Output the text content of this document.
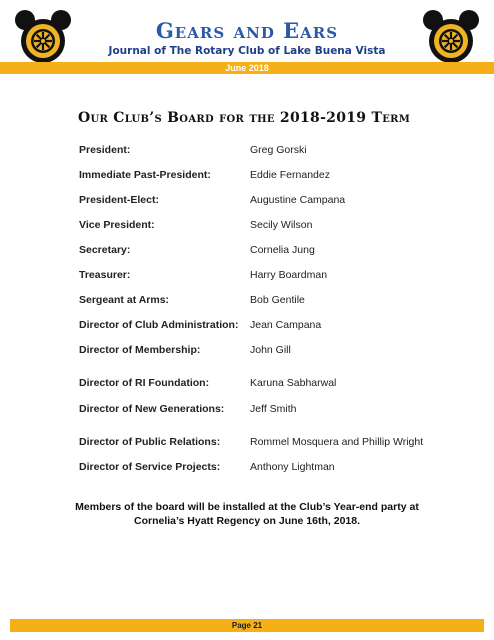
Gears and Ears
Journal of The Rotary Club of Lake Buena Vista
June 2018
Our Club’s Board for the 2018-2019 Term
President:	Greg Gorski
Immediate Past-President:	Eddie Fernandez
President-Elect:	Augustine Campana
Vice President:	Secily Wilson
Secretary:	Cornelia Jung
Treasurer:	Harry Boardman
Sergeant at Arms:	Bob Gentile
Director of Club Administration: Jean Campana
Director of Membership:	John Gill
Director of RI Foundation:	Karuna Sabharwal
Director of New Generations: Jeff Smith
Director of Public Relations:	Rommel Mosquera and Phillip Wright
Director of Service Projects:	Anthony Lightman
Members of the board will be installed at the Club’s Year-end party at
Cornelia’s Hyatt Regency on June 16th, 2018.
Page 21
